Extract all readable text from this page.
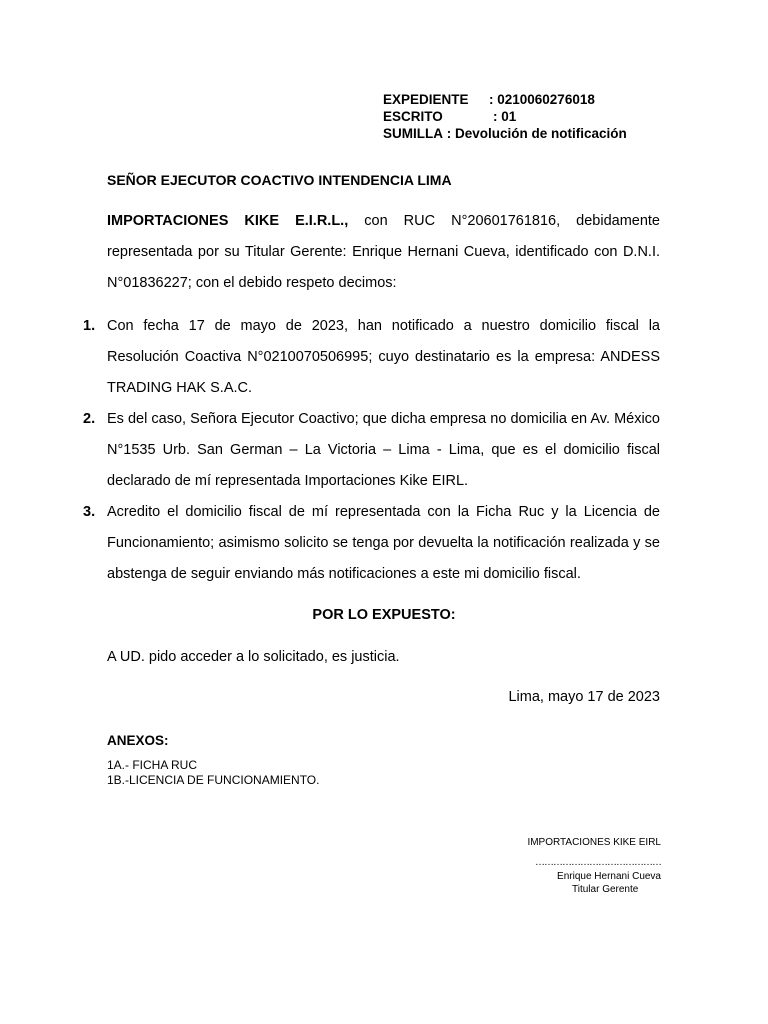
EXPEDIENTE : 0210060276018
ESCRITO	: 01
SUMILLA : Devolución de notificación
SEÑOR EJECUTOR COACTIVO INTENDENCIA LIMA
IMPORTACIONES KIKE E.I.R.L., con RUC N°20601761816, debidamente representada por su Titular Gerente: Enrique Hernani Cueva, identificado con D.N.I. N°01836227; con el debido respeto decimos:
1. Con fecha 17 de mayo de 2023, han notificado a nuestro domicilio fiscal la Resolución Coactiva N°0210070506995; cuyo destinatario es la empresa: ANDESS TRADING HAK S.A.C.
2. Es del caso, Señora Ejecutor Coactivo; que dicha empresa no domicilia en Av. México N°1535 Urb. San German – La Victoria – Lima - Lima, que es el domicilio fiscal declarado de mí representada Importaciones Kike EIRL.
3. Acredito el domicilio fiscal de mí representada con la Ficha Ruc y la Licencia de Funcionamiento; asimismo solicito se tenga por devuelta la notificación realizada y se abstenga de seguir enviando más notificaciones a este mi domicilio fiscal.
POR LO EXPUESTO:
A UD. pido acceder a lo solicitado, es justicia.
Lima, mayo 17 de 2023
ANEXOS:
1A.- FICHA RUC
1B.-LICENCIA DE FUNCIONAMIENTO.
IMPORTACIONES KIKE EIRL
……………………………………
Enrique Hernani Cueva
Titular Gerente
